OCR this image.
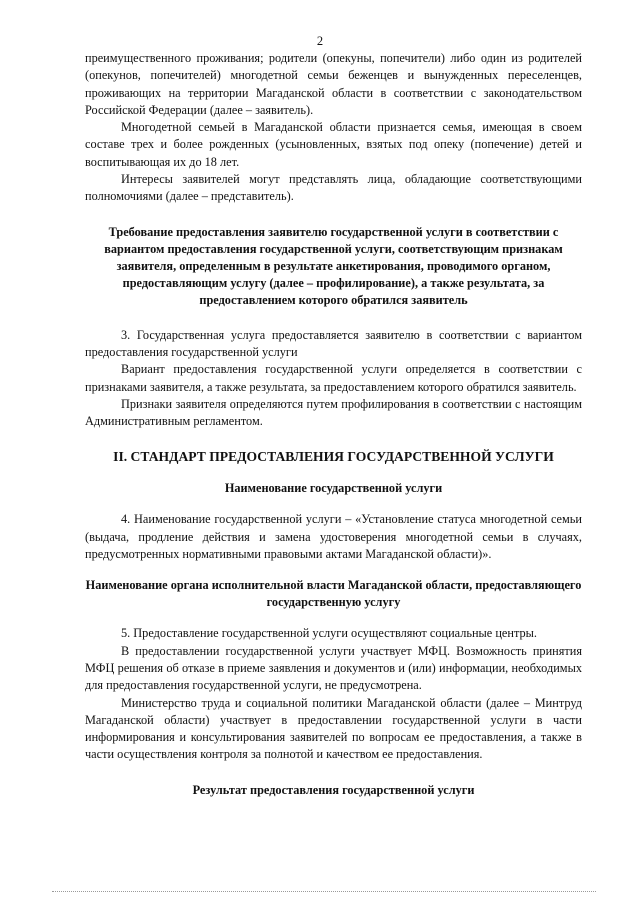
2

преимущественного проживания; родители (опекуны, попечители) либо один из родителей (опекунов, попечителей) многодетной семьи беженцев и вынужденных переселенцев, проживающих на территории Магаданской области в соответствии с законодательством Российской Федерации (далее – заявитель).

Многодетной семьей в Магаданской области признается семья, имеющая в своем составе трех и более рожденных (усыновленных, взятых под опеку (попечение) детей и воспитывающая их до 18 лет.

Интересы заявителей могут представлять лица, обладающие соответствующими полномочиями (далее – представитель).

Требование предоставления заявителю государственной услуги в соответствии с вариантом предоставления государственной услуги, соответствующим признакам заявителя, определенным в результате анкетирования, проводимого органом, предоставляющим услугу (далее – профилирование), а также результата, за предоставлением которого обратился заявитель

3. Государственная услуга предоставляется заявителю в соответствии с вариантом предоставления государственной услуги

Вариант предоставления государственной услуги определяется в соответствии с признаками заявителя, а также результата, за предоставлением которого обратился заявитель.

Признаки заявителя определяются путем профилирования в соответствии с настоящим Административным регламентом.

II. СТАНДАРТ ПРЕДОСТАВЛЕНИЯ ГОСУДАРСТВЕННОЙ УСЛУГИ
Наименование государственной услуги

4. Наименование государственной услуги – «Установление статуса многодетной семьи (выдача, продление действия и замена удостоверения многодетной семьи в случаях, предусмотренных нормативными правовыми актами Магаданской области)».

Наименование органа исполнительной власти Магаданской области, предоставляющего государственную услугу

5. Предоставление государственной услуги осуществляют социальные центры.

В предоставлении государственной услуги участвует МФЦ. Возможность принятия МФЦ решения об отказе в приеме заявления и документов и (или) информации, необходимых для предоставления государственной услуги, не предусмотрена.

Министерство труда и социальной политики Магаданской области (далее – Минтруд Магаданской области) участвует в предоставлении государственной услуги в части информирования и консультирования заявителей по вопросам ее предоставления, а также в части осуществления контроля за полнотой и качеством ее предоставления.

Результат предоставления государственной услуги
